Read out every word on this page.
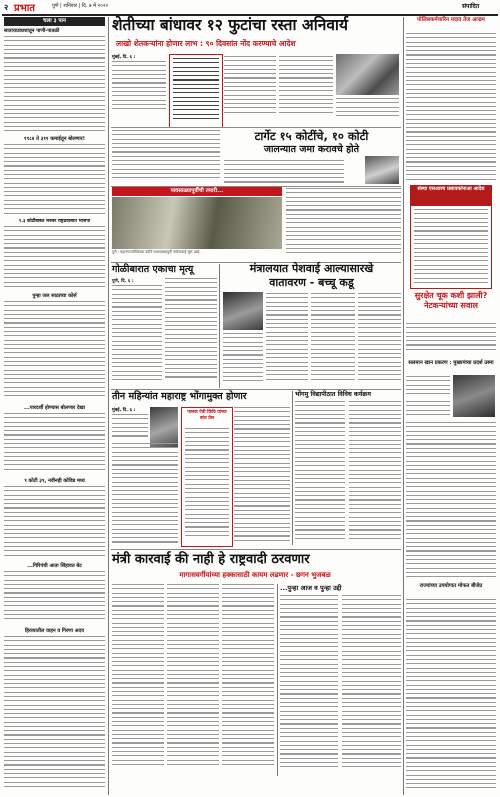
२ प्रभात	पुणे | शनिवार | दि. ७ मे २०२२	संपादित
चला ३ पान
साताराप्रकाशातून पाणी-पातळी
१९८४ ते ३११ कमाईतून बोलणार!
९.३ कोटींबाबत भरुवर राष्ट्रप्रवासात भाजपा
पुन्हा जल साठाच्या कोर्स
...पारदर्शी होण्यास बोलणार देखा
९ कोटी ३९, नवीनही कोविड मध्य
...गिरिपंथी आता सिंहावत बेट
हिरव्यातील वाहन व गिरणा अदय
शेतीच्या बांधावर १२ फुटांचा रस्ता अनिवार्य
लाखो शेतकऱ्यांना होणार लाभ : ९० दिवसांत नोंद करण्याचे आदेश
मुंबई, दि. ६ :
पोलिसकर्मचारिन यदाव तेज आज्रम
संस्था एसआरच प्रसावकांनाआ आदेश
सुरक्षेत चूक कशी झाली? नेटकऱ्यांच्या सवाल
सलमान खान प्रकरण : मुख्यमंत्र्या प्रदर्श उस्मा
राज्यांच्या उपयोगात मोफत बीजेप्र
टार्गेट १५ कोटींचे, १० कोटी
जालन्यात जमा करावचे होते
पावसाळ्यापूर्वीची तयारी...
पुणे : महानगरपालिकेच्या वतीने पावसाळ्यापूर्वी नालेसफाई सुरू आहे.
गोळीबारात एकाचा मृत्यू
पुणे, दि. ६ :
मंत्रालयात पेशवाई आल्यासारखे
वातावरण - बच्चू कडू
तीन महिन्यांत महाराष्ट्र भोंगामुक्त होणार
मुंबई, दि. ६ :	पालक ऐवी किंवि यांच्या बांध प्रेस
भोंगमु विद्यापीठात विविध कर्यक्रम
मंत्री कारवाई की नाही हे राष्ट्रवादी ठरवणार
मागासवर्गीयांच्या हक्कासाठी कायम लढणार - छगन भुजबळ
...पुन्हा आज व पुन्हा उद्दी
